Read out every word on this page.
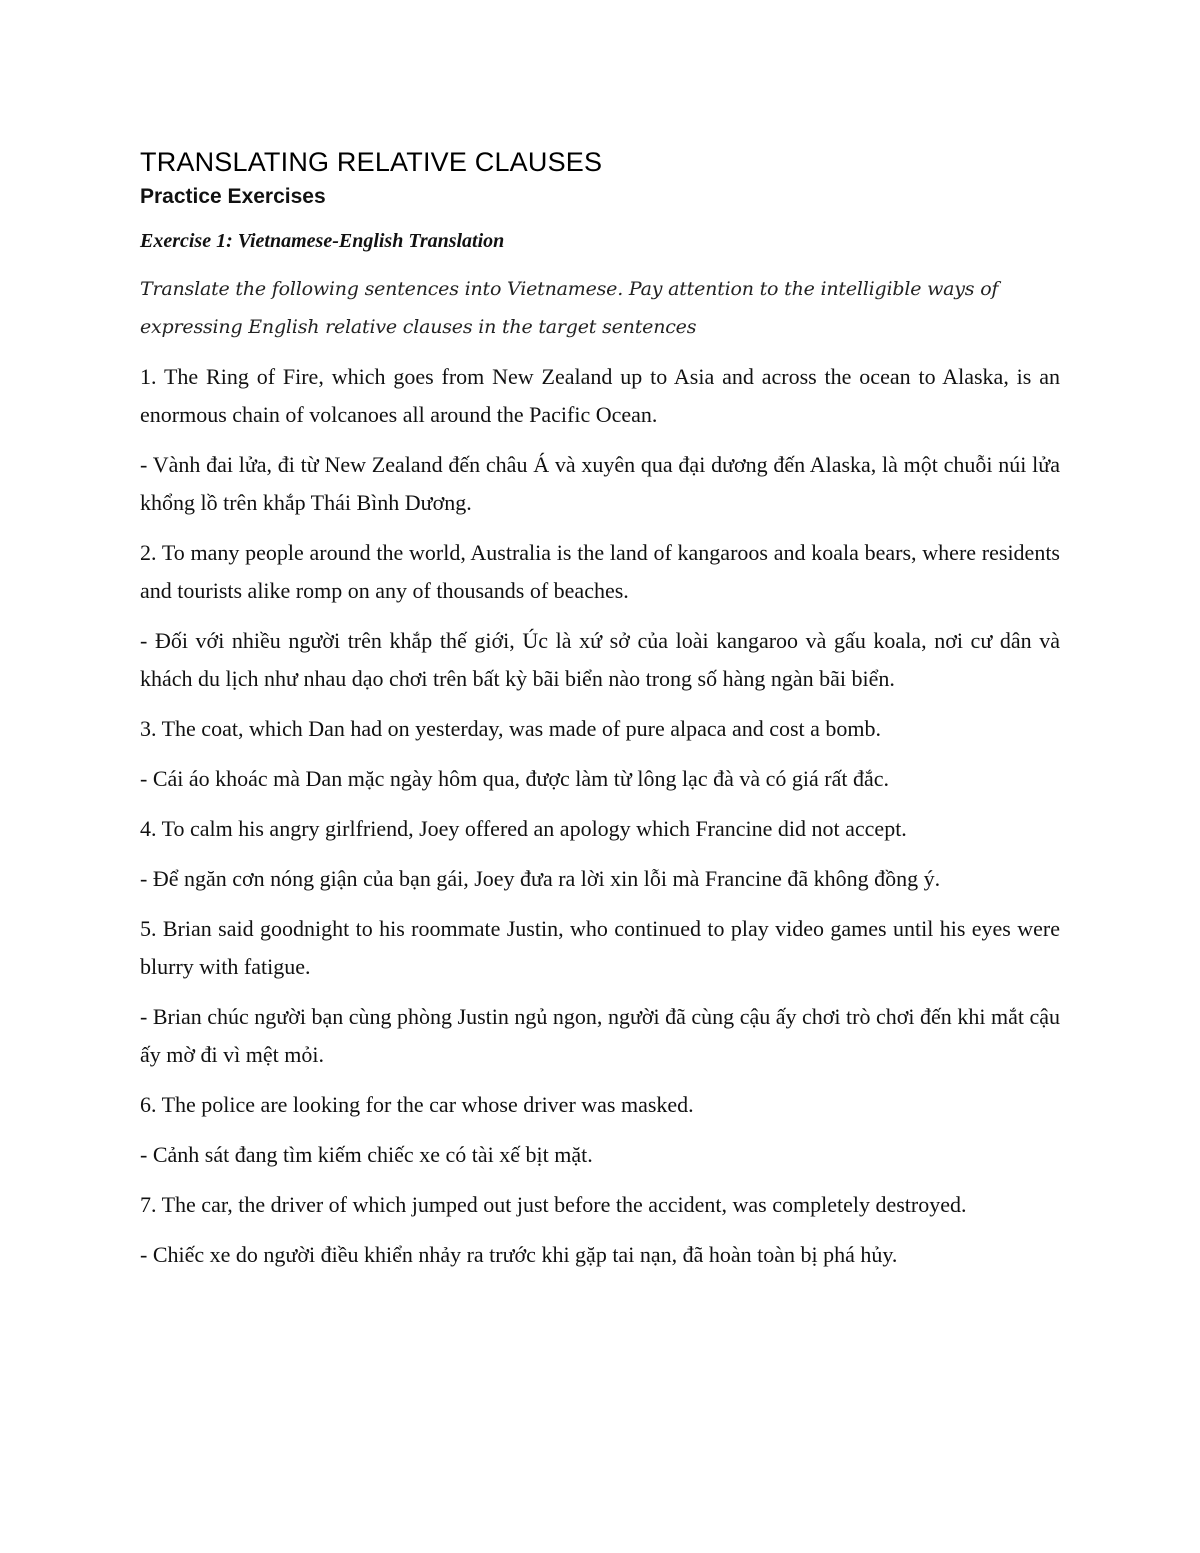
TRANSLATING RELATIVE CLAUSES
Practice Exercises

Exercise 1: Vietnamese-English Translation

Translate the following sentences into Vietnamese. Pay attention to the intelligible ways of expressing English relative clauses in the target sentences

1. The Ring of Fire, which goes from New Zealand up to Asia and across the ocean to Alaska, is an enormous chain of volcanoes all around the Pacific Ocean.

- Vành đai lửa, đi từ New Zealand đến châu Á và xuyên qua đại dương đến Alaska, là một chuỗi núi lửa khổng lồ trên khắp Thái Bình Dương.

2. To many people around the world, Australia is the land of kangaroos and koala bears, where residents and tourists alike romp on any of thousands of beaches.

- Đối với nhiều người trên khắp thế giới, Úc là xứ sở của loài kangaroo và gấu koala, nơi cư dân và khách du lịch như nhau dạo chơi trên bất kỳ bãi biển nào trong số hàng ngàn bãi biển.

3. The coat, which Dan had on yesterday, was made of pure alpaca and cost a bomb.

- Cái áo khoác mà Dan mặc ngày hôm qua, được làm từ lông lạc đà và có giá rất đắc.

4. To calm his angry girlfriend, Joey offered an apology which Francine did not accept.

- Để ngăn cơn nóng giận của bạn gái, Joey đưa ra lời xin lỗi mà Francine đã không đồng ý.

5. Brian said goodnight to his roommate Justin, who continued to play video games until his eyes were blurry with fatigue.

- Brian chúc người bạn cùng phòng Justin ngủ ngon, người đã cùng cậu ấy chơi trò chơi đến khi mắt cậu ấy mờ đi vì mệt mỏi.

6. The police are looking for the car whose driver was masked.

- Cảnh sát đang tìm kiếm chiếc xe có tài xế bịt mặt.

7. The car, the driver of which jumped out just before the accident, was completely destroyed.

- Chiếc xe do người điều khiển nhảy ra trước khi gặp tai nạn, đã hoàn toàn bị phá hủy.
